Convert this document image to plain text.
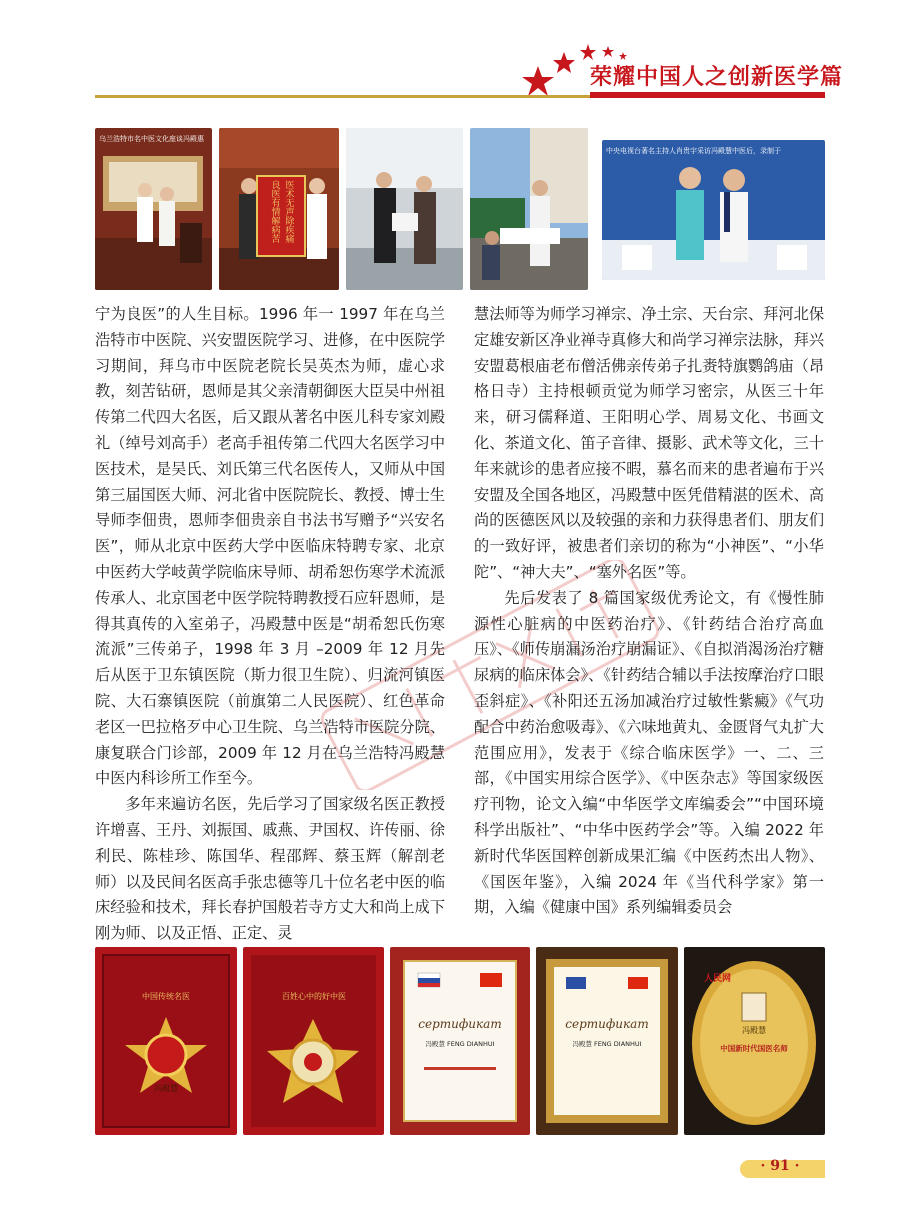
荣耀中国人之创新医学篇
乌兰浩特市名中医文化座谈冯殿惠
良医有情解病苦 医术无声除疾痛
中央电视台著名主持人肖贵宇采访冯殿慧中医后，录制于

宁为良医”的人生目标。1996 年一 1997 年在乌兰浩特市中医院、兴安盟医院学习、进修，在中医院学习期间，拜乌市中医院老院长吴英杰为师，虚心求教，刻苦钻研，恩师是其父亲清朝御医大臣吴中州祖传第二代四大名医，后又跟从著名中医儿科专家刘殿礼（绰号刘高手）老高手祖传第二代四大名医学习中医技术，是吴氏、刘氏第三代名医传人，又师从中国第三届国医大师、河北省中医院院长、教授、博士生导师李佃贵，恩师李佃贵亲自书法书写赠予“兴安名医”，师从北京中医药大学中医临床特聘专家、北京中医药大学岐黄学院临床导师、胡希恕伤寒学术流派传承人、北京国老中医学院特聘教授石应轩恩师，是得其真传的入室弟子，冯殿慧中医是“胡希恕氏伤寒流派”三传弟子，1998 年 3 月 –2009 年 12 月先后从医于卫东镇医院（斯力很卫生院）、归流河镇医院、大石寨镇医院（前旗第二人民医院）、红色革命老区一巴拉格歹中心卫生院、乌兰浩特市医院分院、康复联合门诊部，2009 年 12 月在乌兰浩特冯殿慧中医内科诊所工作至今。

多年来遍访名医，先后学习了国家级名医正教授许增喜、王丹、刘振国、戚燕、尹国权、许传丽、徐利民、陈桂珍、陈国华、程邵辉、蔡玉辉（解剖老师）以及民间名医高手张忠德等几十位名老中医的临床经验和技术，拜长春护国般若寺方丈大和尚上成下刚为师、以及正悟、正定、灵

慧法师等为师学习禅宗、净土宗、天台宗、拜河北保定雄安新区净业禅寺真修大和尚学习禅宗法脉，拜兴安盟葛根庙老布僧活佛亲传弟子扎赉特旗鹦鸽庙（昂格日寺）主持根顿贡觉为师学习密宗，从医三十年来，研习儒释道、王阳明心学、周易文化、书画文化、茶道文化、笛子音律、摄影、武术等文化，三十年来就诊的患者应接不暇，慕名而来的患者遍布于兴安盟及全国各地区，冯殿慧中医凭借精湛的医术、高尚的医德医风以及较强的亲和力获得患者们、朋友们的一致好评，被患者们亲切的称为“小神医”、“小华陀”、“神大夫”、“塞外名医”等。

先后发表了 8 篇国家级优秀论文，有《慢性肺源性心脏病的中医药治疗》、《针药结合治疗高血压》、《师传崩漏汤治疗崩漏证》、《自拟消渴汤治疗糖尿病的临床体会》、《针药结合辅以手法按摩治疗口眼歪斜症》、《补阳还五汤加减治疗过敏性紫癜》《气功配合中药治愈吸毒》、《六味地黄丸、金匮肾气丸扩大范围应用》，发表于《综合临床医学》一、二、三部，《中国实用综合医学》、《中医杂志》等国家级医疗刊物，论文入编“中华医学文库编委会”“中国环境科学出版社”、“中华中医药学会”等。入编 2022 年新时代华医国粹创新成果汇编《中医药杰出人物》、《国医年鉴》，入编 2024 年《当代科学家》第一期，入编《健康中国》系列编辑委员会

中国传统名医
冯殿慧
百姓心中的好中医
сертификат
冯殿慧 FENG DIANHUI
сертификат
冯殿慧 FENG DIANHUI
人民网
冯殿慧
中国新时代国医名师
· 91 ·
